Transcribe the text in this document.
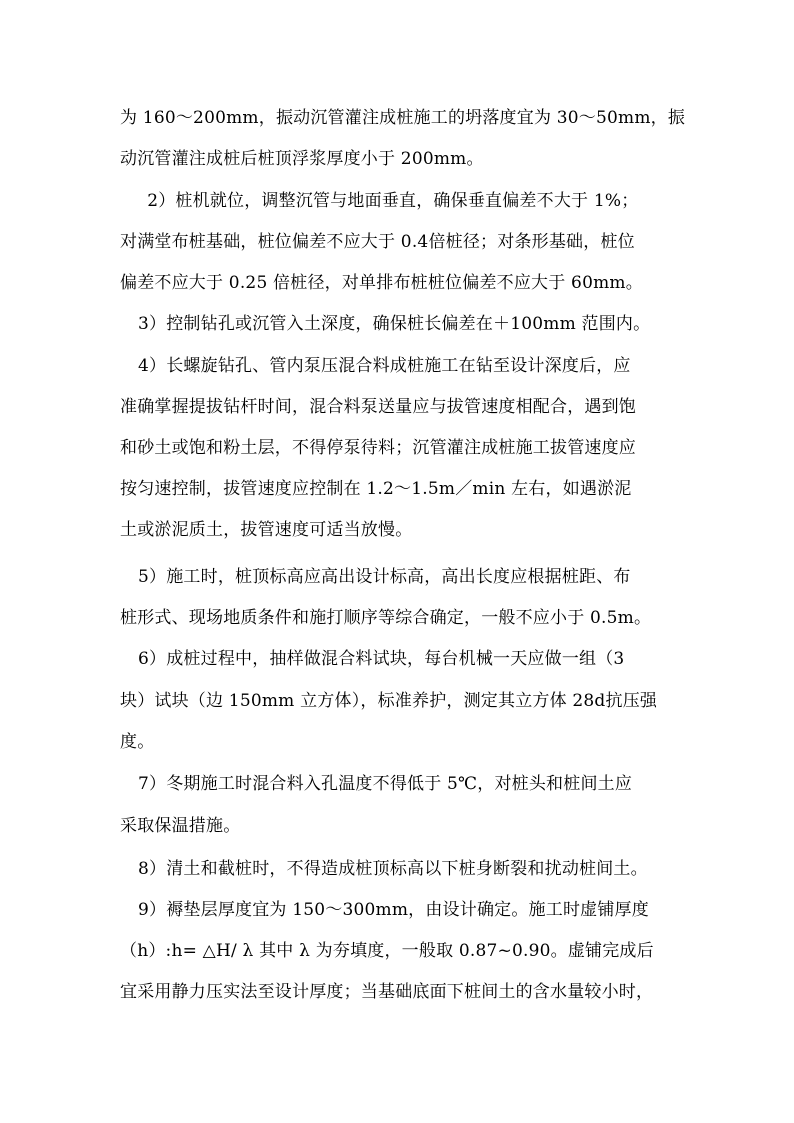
为 160～200mm，振动沉管灌注成桩施工的坍落度宜为 30～50mm，振
动沉管灌注成桩后桩顶浮浆厚度小于 200mm。
　2）桩机就位，调整沉管与地面垂直，确保垂直偏差不大于 1%；
对满堂布桩基础，桩位偏差不应大于 0.4倍桩径；对条形基础，桩位
偏差不应大于 0.25 倍桩径，对单排布桩桩位偏差不应大于 60mm。
3）控制钻孔或沉管入土深度，确保桩长偏差在＋100mm 范围内。
4）长螺旋钻孔、管内泵压混合料成桩施工在钻至设计深度后，应
准确掌握提拔钻杆时间，混合料泵送量应与拔管速度相配合，遇到饱
和砂土或饱和粉土层，不得停泵待料；沉管灌注成桩施工拔管速度应
按匀速控制，拔管速度应控制在 1.2～1.5m／min 左右，如遇淤泥
土或淤泥质土，拔管速度可适当放慢。
5）施工时，桩顶标高应高出设计标高，高出长度应根据桩距、布
桩形式、现场地质条件和施打顺序等综合确定，一般不应小于 0.5m。
6）成桩过程中，抽样做混合料试块，每台机械一天应做一组（3
块）试块（边 150mm 立方体），标准养护，测定其立方体 28d抗压强
度。
7）冬期施工时混合料入孔温度不得低于 5℃，对桩头和桩间土应
采取保温措施。
8）清土和截桩时，不得造成桩顶标高以下桩身断裂和扰动桩间土。
9）褥垫层厚度宜为 150～300mm，由设计确定。施工时虚铺厚度
（h）:h= △H/ λ 其中 λ 为夯填度，一般取 0.87~0.90。虚铺完成后
宜采用静力压实法至设计厚度；当基础底面下桩间土的含水量较小时，
